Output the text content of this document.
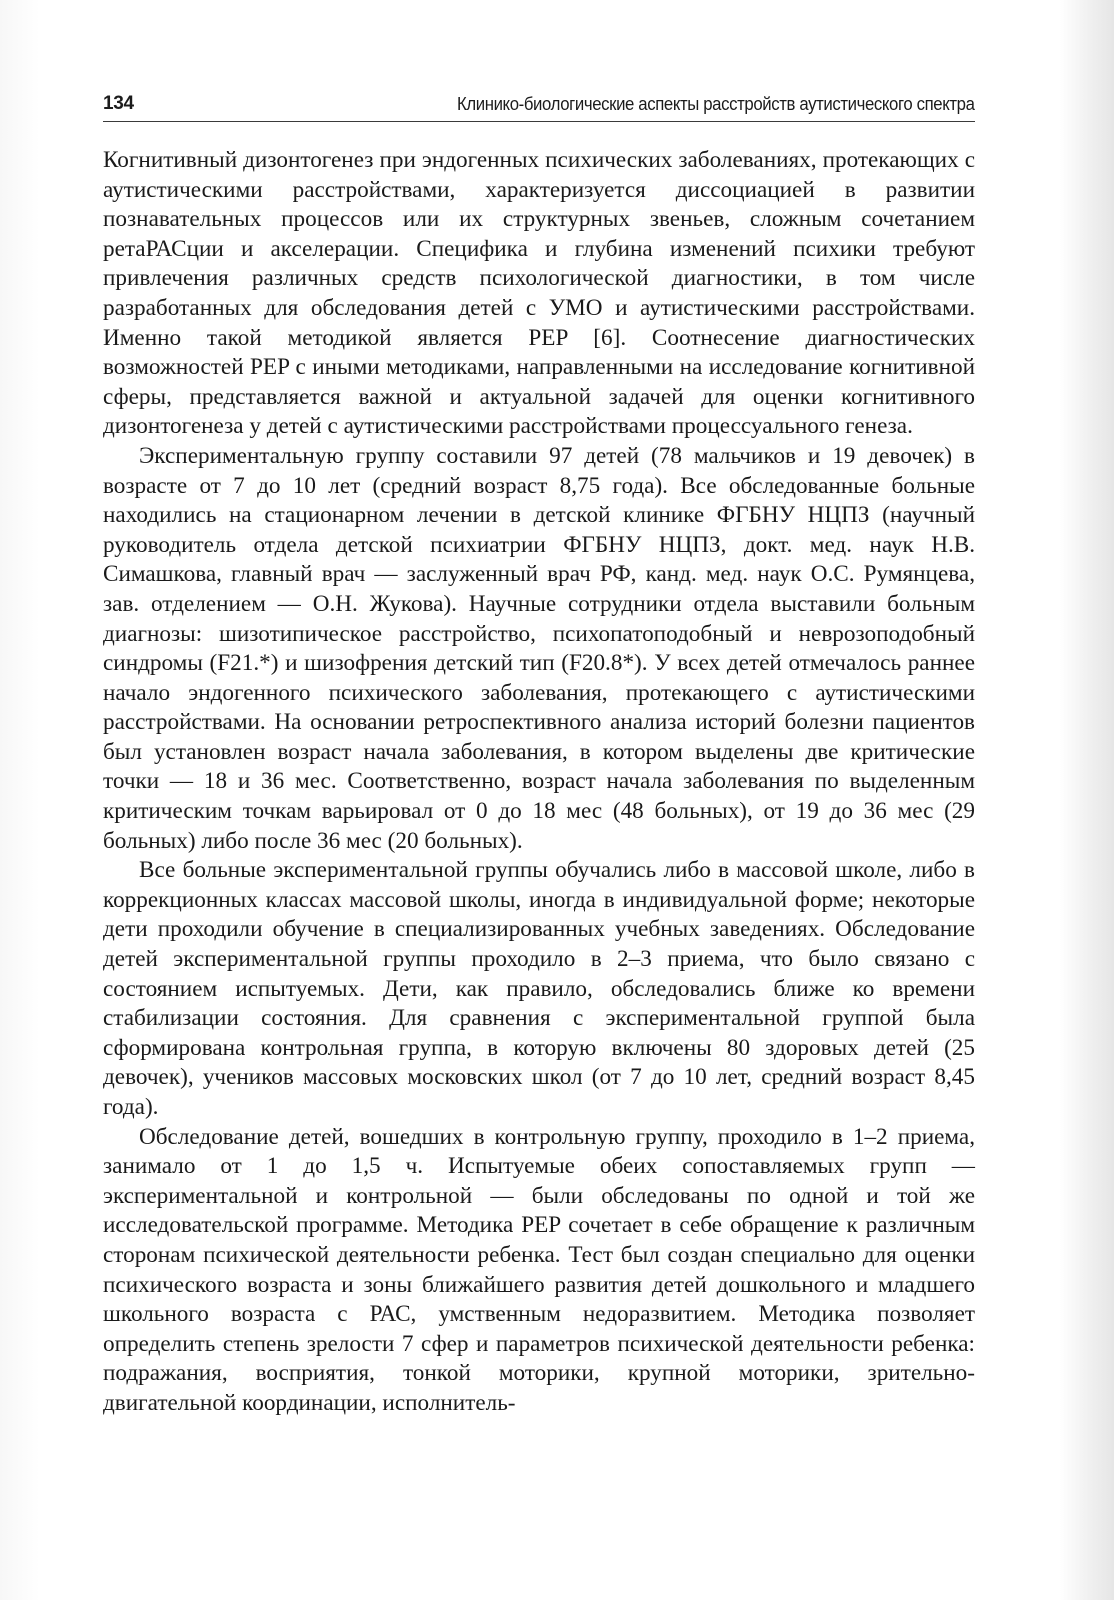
134	Клинико-биологические аспекты расстройств аутистического спектра

Когнитивный дизонтогенез при эндогенных психических заболеваниях, протекающих с аутистическими расстройствами, характеризуется диссоциацией в развитии познавательных процессов или их структурных звеньев, сложным сочетанием ретаРАСции и акселерации. Специфика и глубина изменений психики требуют привлечения различных средств психологической диагностики, в том числе разработанных для обследования детей с УМО и аутистическими расстройствами. Именно такой методикой является PEP [6]. Соотнесение диагностических возможностей PEP с иными методиками, направленными на исследование когнитивной сферы, представляется важной и актуальной задачей для оценки когнитивного дизонтогенеза у детей с аутистическими расстройствами процессуального генеза.

Экспериментальную группу составили 97 детей (78 мальчиков и 19 девочек) в возрасте от 7 до 10 лет (средний возраст 8,75 года). Все обследованные больные находились на стационарном лечении в детской клинике ФГБНУ НЦПЗ (научный руководитель отдела детской психиатрии ФГБНУ НЦПЗ, докт. мед. наук Н.В. Симашкова, главный врач — заслуженный врач РФ, канд. мед. наук О.С. Румянцева, зав. отделением — О.Н. Жукова). Научные сотрудники отдела выставили больным диагнозы: шизотипическое расстройство, психопатоподобный и неврозоподобный синдромы (F21.*) и шизофрения детский тип (F20.8*). У всех детей отмечалось раннее начало эндогенного психического заболевания, протекающего с аутистическими расстройствами. На основании ретроспективного анализа историй болезни пациентов был установлен возраст начала заболевания, в котором выделены две критические точки — 18 и 36 мес. Соответственно, возраст начала заболевания по выделенным критическим точкам варьировал от 0 до 18 мес (48 больных), от 19 до 36 мес (29 больных) либо после 36 мес (20 больных).

Все больные экспериментальной группы обучались либо в массовой школе, либо в коррекционных классах массовой школы, иногда в индивидуальной форме; некоторые дети проходили обучение в специализированных учебных заведениях. Обследование детей экспериментальной группы проходило в 2–3 приема, что было связано с состоянием испытуемых. Дети, как правило, обследовались ближе ко времени стабилизации состояния. Для сравнения с экспериментальной группой была сформирована контрольная группа, в которую включены 80 здоровых детей (25 девочек), учеников массовых московских школ (от 7 до 10 лет, средний возраст 8,45 года).

Обследование детей, вошедших в контрольную группу, проходило в 1–2 приема, занимало от 1 до 1,5 ч. Испытуемые обеих сопоставляемых групп — экспериментальной и контрольной — были обследованы по одной и той же исследовательской программе. Методика PEP сочетает в себе обращение к различным сторонам психической деятельности ребенка. Тест был создан специально для оценки психического возраста и зоны ближайшего развития детей дошкольного и младшего школьного возраста с РАС, умственным недоразвитием. Методика позволяет определить степень зрелости 7 сфер и параметров психической деятельности ребенка: подражания, восприятия, тонкой моторики, крупной моторики, зрительно-двигательной координации, исполнитель-
